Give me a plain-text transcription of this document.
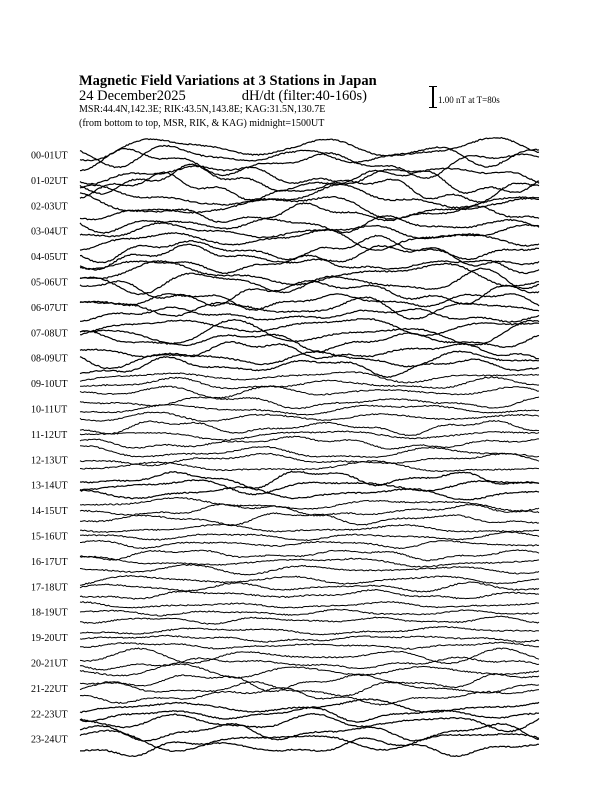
00-01UT
01-02UT
02-03UT
03-04UT
04-05UT
05-06UT
06-07UT
07-08UT
08-09UT
09-10UT
10-11UT
11-12UT
12-13UT
13-14UT
14-15UT
15-16UT
16-17UT
17-18UT
18-19UT
19-20UT
20-21UT
21-22UT
22-23UT
23-24UT
Magnetic Field Variations at 3 Stations in Japan
24 December2025	dH/dt (filter:40-160s)
MSR:44.4N,142.3E; RIK:43.5N,143.8E; KAG:31.5N,130.7E
(from bottom to top, MSR, RIK, & KAG) midnight=1500UT
1.00 nT at T=80s
